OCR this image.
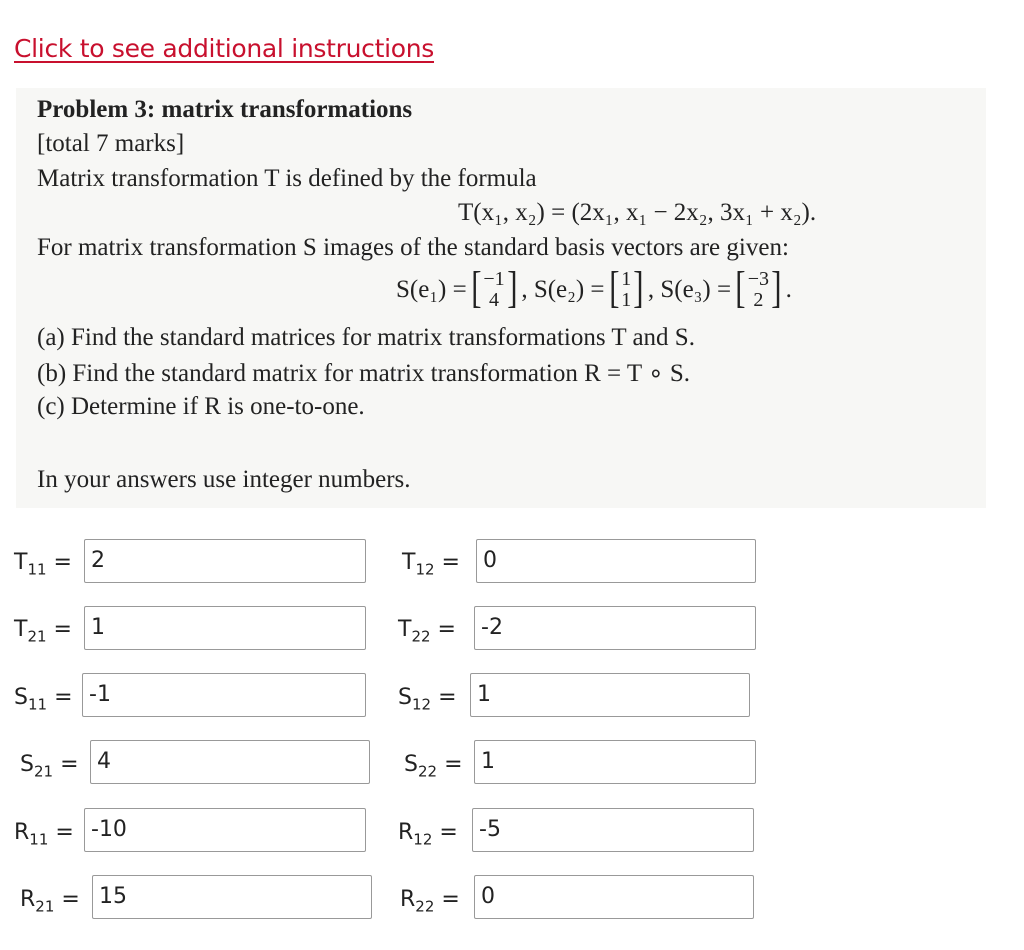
Click to see additional instructions
Problem 3: matrix transformations
[total 7 marks]
Matrix transformation T is defined by the formula
T(x₁, x₂) = (2x₁, x₁ − 2x₂, 3x₁ + x₂).
For matrix transformation S images of the standard basis vectors are given:
S(e₁) = [ −1
4 ] ,
S(e₂) = [ 1
1 ] ,
S(e₃) = [ −3
2 ] .
(a) Find the standard matrices for matrix transformations T and S.
(b) Find the standard matrix for matrix transformation R = T ∘ S.
(c) Determine if R is one-to-one.
In your answers use integer numbers.
$T_{11} = 2$	$T_{12}$ =	0
$T_{21} = 1$	$T_{22}$ =	-2
$S_{11} = -1$	$S_{12} = 1$
$S_{21} = 4$	$S_{22} = 1$
$R_{11} = -10$	$R_{12} = -5$
$R_{21} = 15$	$R_{22} = 0$
